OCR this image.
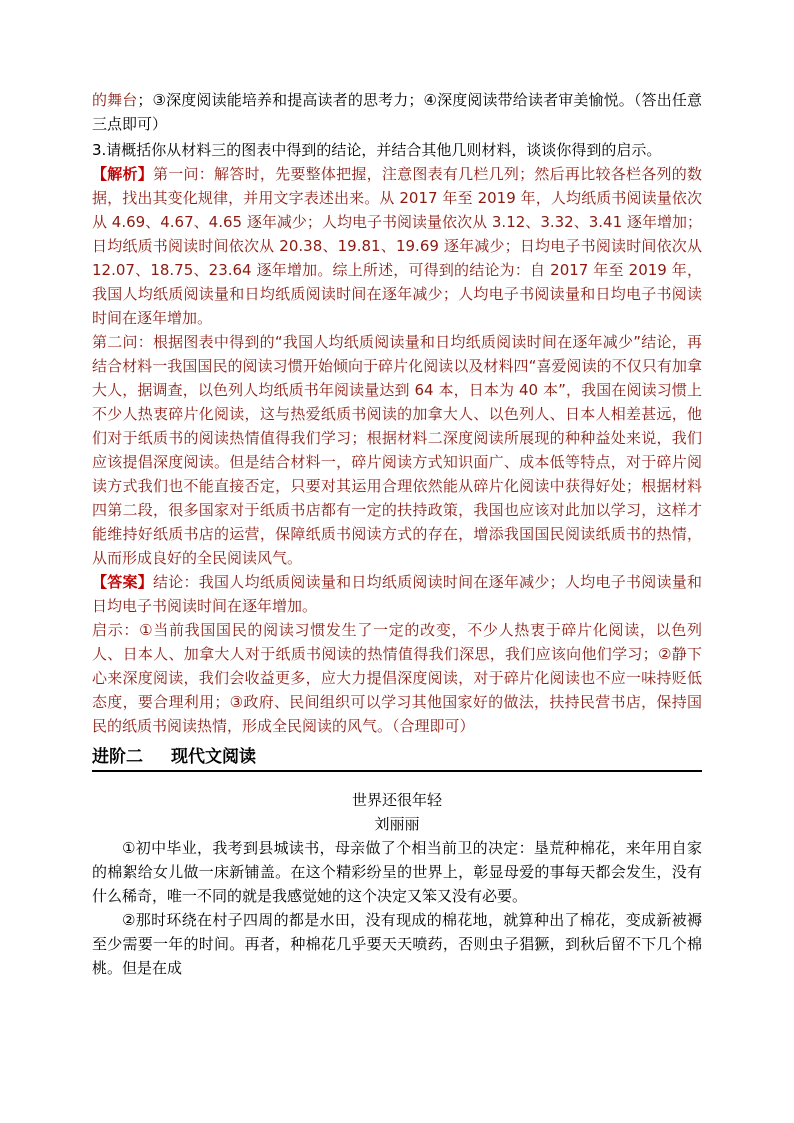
的舞台；③深度阅读能培养和提高读者的思考力；④深度阅读带给读者审美愉悦。（答出任意三点即可）

3.请概括你从材料三的图表中得到的结论，并结合其他几则材料，谈谈你得到的启示。

【解析】第一问：解答时，先要整体把握，注意图表有几栏几列；然后再比较各栏各列的数据，找出其变化规律，并用文字表述出来。从 2017 年至 2019 年，人均纸质书阅读量依次从 4.69、4.67、4.65 逐年减少；人均电子书阅读量依次从 3.12、3.32、3.41 逐年增加；日均纸质书阅读时间依次从 20.38、19.81、19.69 逐年减少；日均电子书阅读时间依次从 12.07、18.75、23.64 逐年增加。综上所述，可得到的结论为：自 2017 年至 2019 年，我国人均纸质阅读量和日均纸质阅读时间在逐年减少；人均电子书阅读量和日均电子书阅读时间在逐年增加。

第二问：根据图表中得到的“我国人均纸质阅读量和日均纸质阅读时间在逐年减少”结论，再结合材料一我国国民的阅读习惯开始倾向于碎片化阅读以及材料四“喜爱阅读的不仅只有加拿大人，据调查，以色列人均纸质书年阅读量达到 64 本，日本为 40 本”，我国在阅读习惯上不少人热衷碎片化阅读，这与热爱纸质书阅读的加拿大人、以色列人、日本人相差甚远，他们对于纸质书的阅读热情值得我们学习；根据材料二深度阅读所展现的种种益处来说，我们应该提倡深度阅读。但是结合材料一，碎片阅读方式知识面广、成本低等特点，对于碎片阅读方式我们也不能直接否定，只要对其运用合理依然能从碎片化阅读中获得好处；根据材料四第二段，很多国家对于纸质书店都有一定的扶持政策，我国也应该对此加以学习，这样才能维持好纸质书店的运营，保障纸质书阅读方式的存在，增添我国国民阅读纸质书的热情，从而形成良好的全民阅读风气。

【答案】结论：我国人均纸质阅读量和日均纸质阅读时间在逐年减少；人均电子书阅读量和日均电子书阅读时间在逐年增加。

启示：①当前我国国民的阅读习惯发生了一定的改变，不少人热衷于碎片化阅读，以色列人、日本人、加拿大人对于纸质书阅读的热情值得我们深思，我们应该向他们学习；②静下心来深度阅读，我们会收益更多，应大力提倡深度阅读，对于碎片化阅读也不应一味持贬低态度，要合理利用；③政府、民间组织可以学习其他国家好的做法，扶持民营书店，保持国民的纸质书阅读热情，形成全民阅读的风气。（合理即可）

进阶二 现代文阅读

世界还很年轻

刘丽丽

①初中毕业，我考到县城读书，母亲做了个相当前卫的决定：垦荒种棉花，来年用自家的棉絮给女儿做一床新铺盖。在这个精彩纷呈的世界上，彰显母爱的事每天都会发生，没有什么稀奇，唯一不同的就是我感觉她的这个决定又笨又没有必要。

②那时环绕在村子四周的都是水田，没有现成的棉花地，就算种出了棉花，变成新被褥至少需要一年的时间。再者，种棉花几乎要天天喷药，否则虫子猖獗，到秋后留不下几个棉桃。但是在成
